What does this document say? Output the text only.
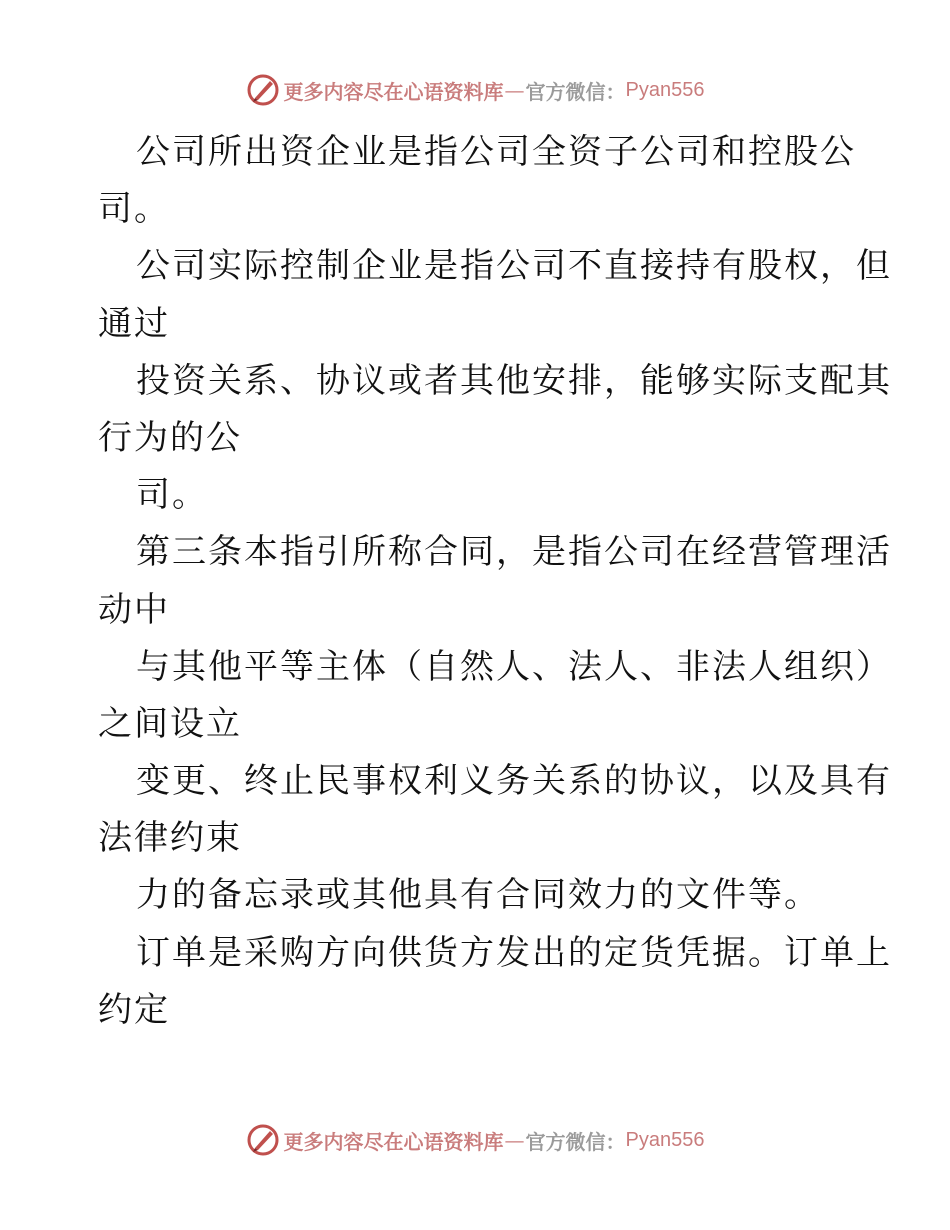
更多内容尽在心语资料库 — 官方微信： Pyan556
公司所出资企业是指公司全资子公司和控股公
司。
公司实际控制企业是指公司不直接持有股权，但
通过
投资关系、协议或者其他安排，能够实际支配其
行为的公
司。
第三条本指引所称合同，是指公司在经营管理活
动中
与其他平等主体（自然人、法人、非法人组织）
之间设立
变更、终止民事权利义务关系的协议，以及具有
法律约束
力的备忘录或其他具有合同效力的文件等。
订单是采购方向供货方发出的定货凭据。订单上
约定
更多内容尽在心语资料库 — 官方微信： Pyan556
